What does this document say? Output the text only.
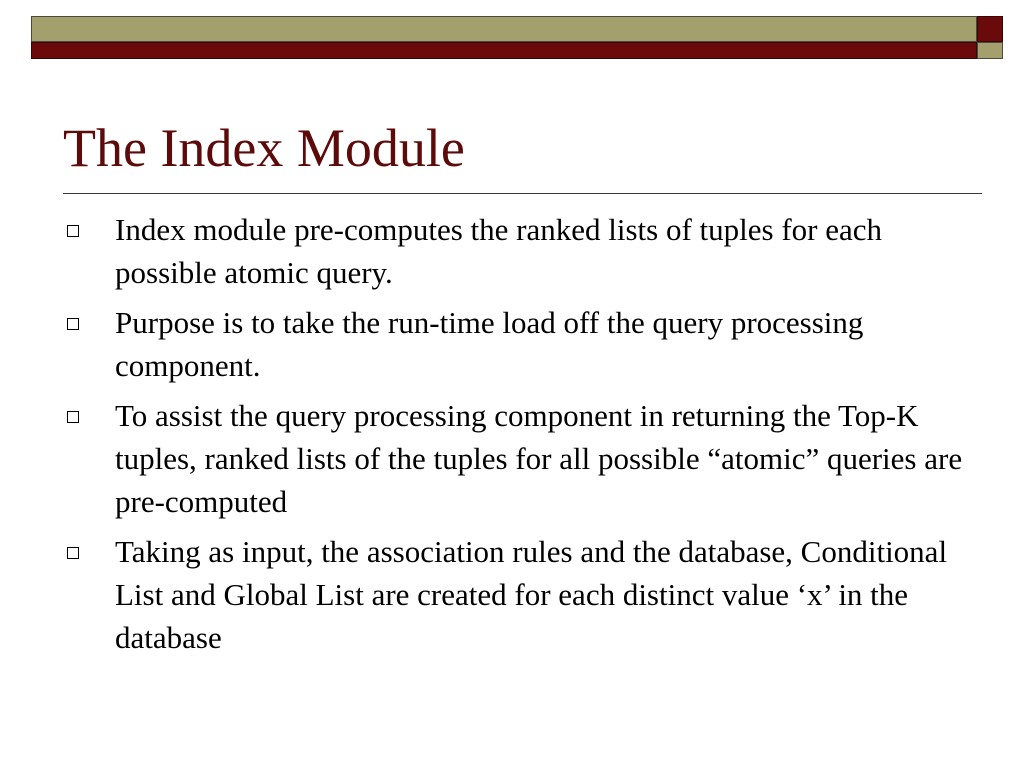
The Index Module
Index module pre-computes the ranked lists of tuples for each possible atomic query.
Purpose is to take the run-time load off the query processing component.
To assist the query processing component in returning the Top-K tuples, ranked lists of the tuples for all possible “atomic” queries are pre-computed
Taking as input, the association rules and the database, Conditional List and Global List are created for each distinct value ‘x’ in the database
